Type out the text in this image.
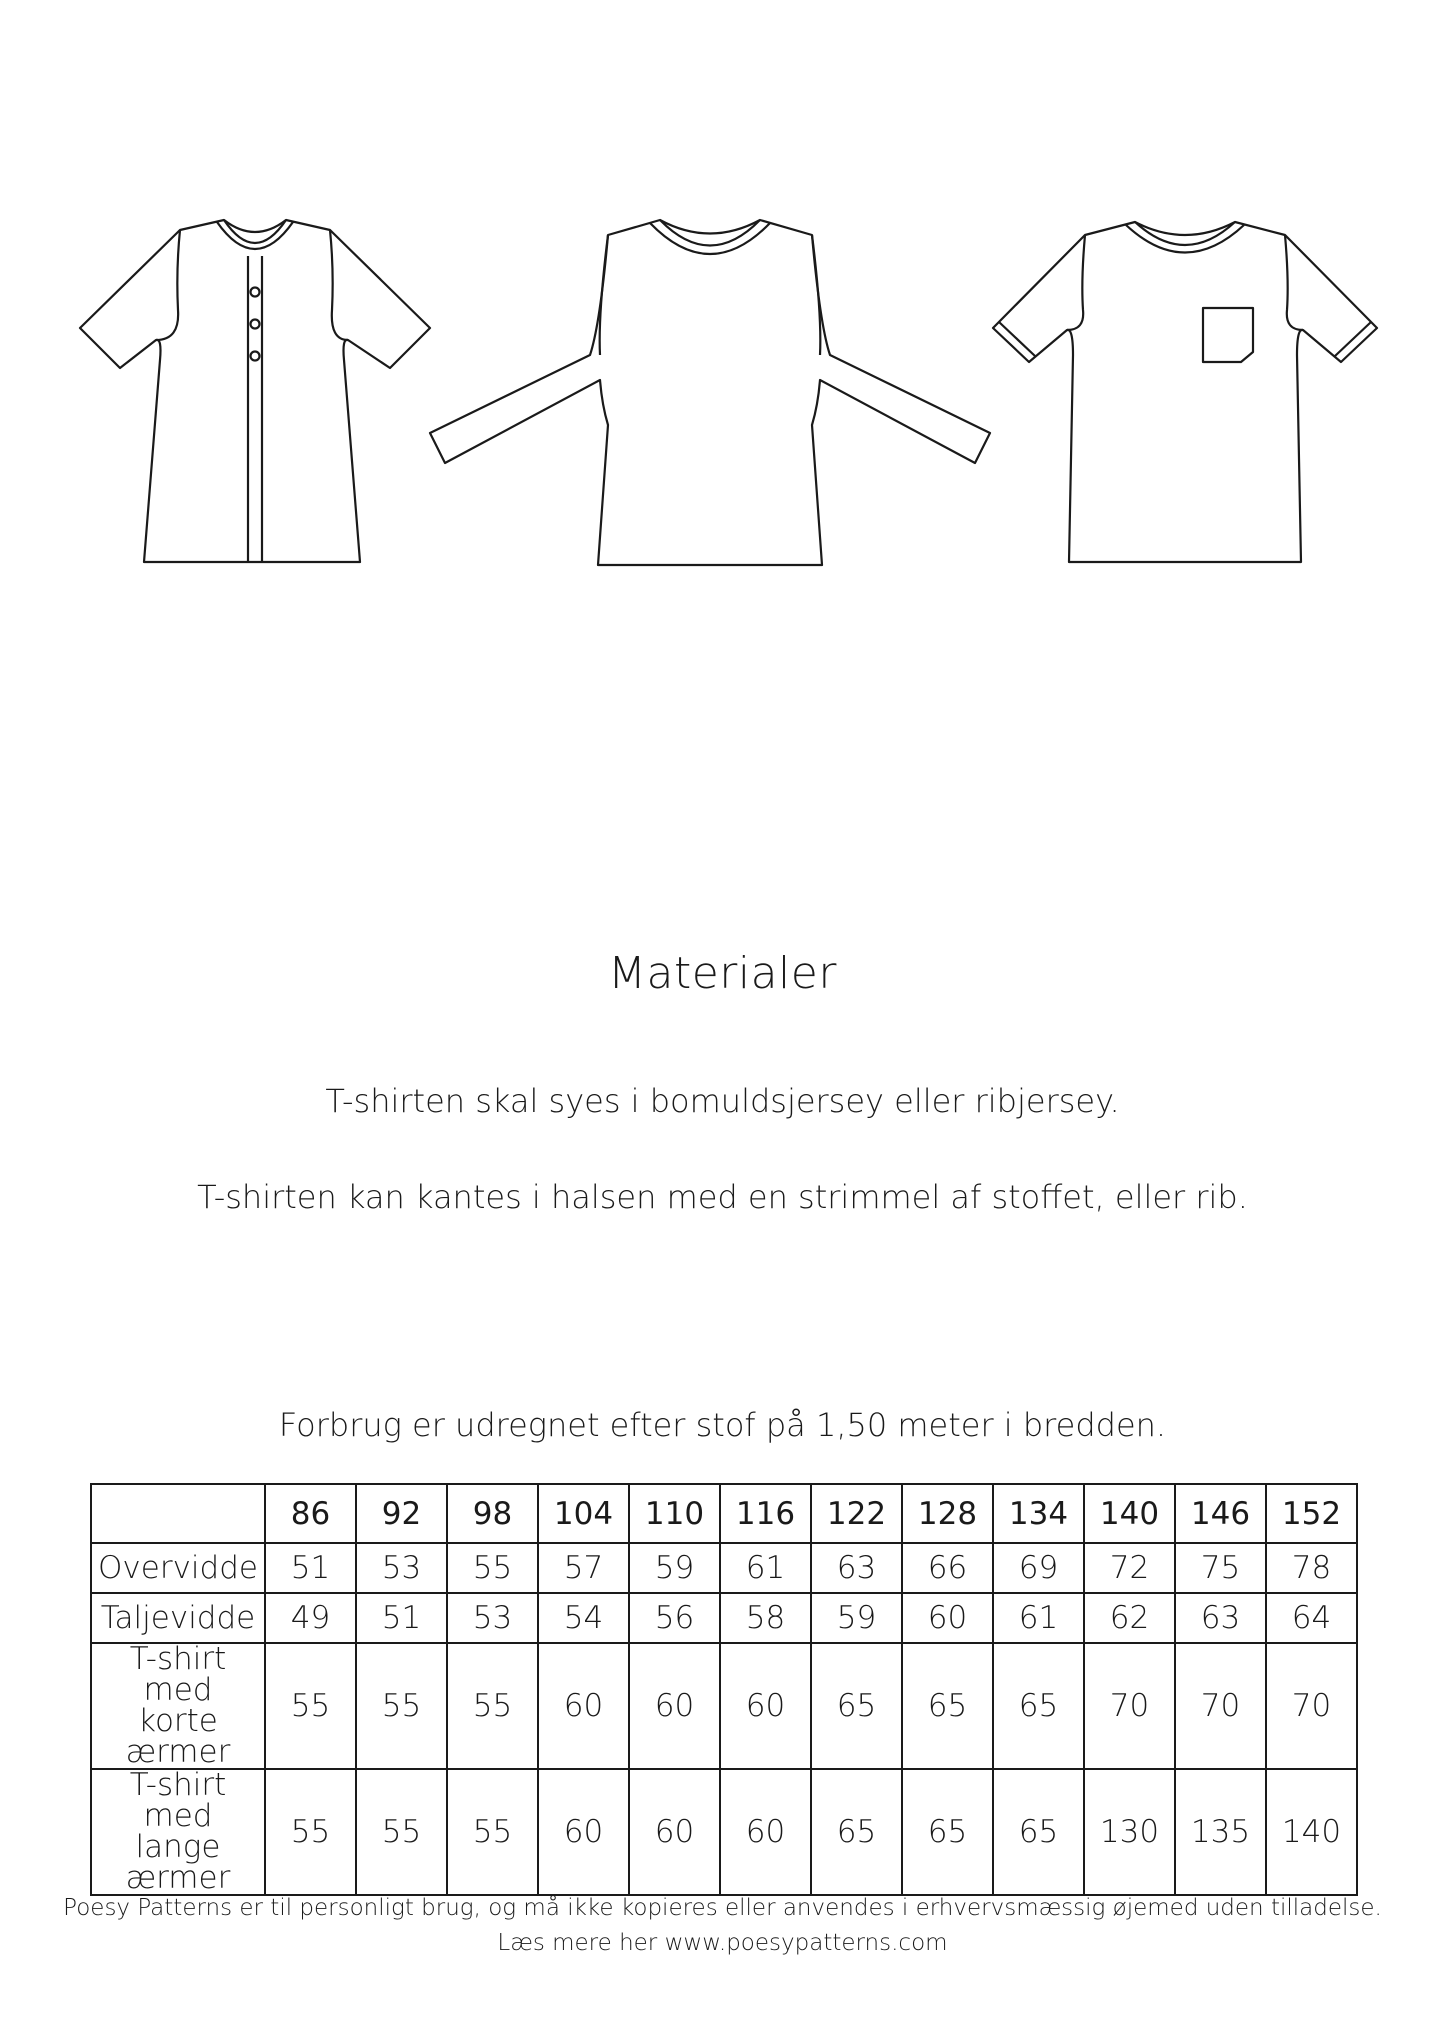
Materialer
T-shirten skal syes i bomuldsjersey eller ribjersey.
T-shirten kan kantes i halsen med en strimmel af stoffet, eller rib.
Forbrug er udregnet efter stof på 1,50 meter i bredden.
	86	92	98	104	110	116	122	128	134	140	146	152
Overvidde	51	53	55	57	59	61	63	66	69	72	75	78
Taljevidde	49	51	53	54	56	58	59	60	61	62	63	64
T-shirt med
korte ærmer	55	55	55	60	60	60	65	65	65	70	70	70
T-shirt med
lange ærmer	55	55	55	60	60	60	65	65	65	130	135	140
Poesy Patterns er til personligt brug, og må ikke kopieres eller anvendes i erhvervsmæssig øjemed uden tilladelse.
Læs mere her www.poesypatterns.com
